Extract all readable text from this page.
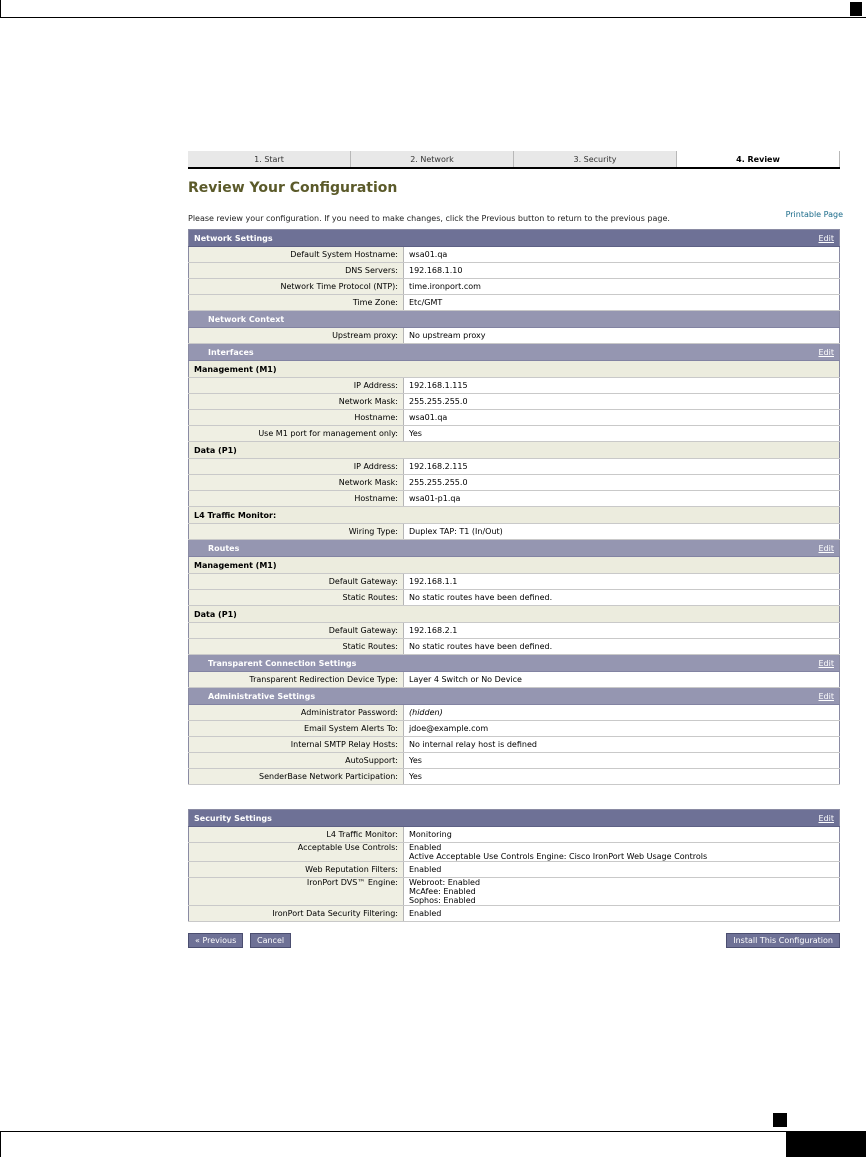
1. Start	2. Network	3. Security	4. Review
Review Your Configuration
Printable Page
Please review your configuration. If you need to make changes, click the Previous button to return to the previous page.
Network Settings		Edit
Default System Hostname:	wsa01.qa	
DNS Servers:	192.168.1.10	
Network Time Protocol (NTP):	time.ironport.com	
Time Zone:	Etc/GMT	
Network Context		
Upstream proxy:	No upstream proxy	
Interfaces		Edit
Management (M1)		
IP Address:	192.168.1.115	
Network Mask:	255.255.255.0	
Hostname:	wsa01.qa	
Use M1 port for management only:	Yes	
Data (P1)		
IP Address:	192.168.2.115	
Network Mask:	255.255.255.0	
Hostname:	wsa01-p1.qa	
L4 Traffic Monitor:		
Wiring Type:	Duplex TAP: T1 (In/Out)	
Routes		Edit
Management (M1)		
Default Gateway:	192.168.1.1	
Static Routes:	No static routes have been defined.	
Data (P1)		
Default Gateway:	192.168.2.1	
Static Routes:	No static routes have been defined.	
Transparent Connection Settings		Edit
Transparent Redirection Device Type:	Layer 4 Switch or No Device	
Administrative Settings		Edit
Administrator Password:	(hidden)	
Email System Alerts To:	jdoe@example.com	
Internal SMTP Relay Hosts:	No internal relay host is defined	
AutoSupport:	Yes	
SenderBase Network Participation:	Yes	
Security Settings		Edit
L4 Traffic Monitor:	Monitoring	
Acceptable Use Controls:	Enabled
Active Acceptable Use Controls Engine: Cisco IronPort Web Usage Controls	

Web Reputation Filters:	Enabled	
IronPort DVS™ Engine:	Webroot: Enabled
McAfee: Enabled
Sophos: Enabled	

IronPort Data Security Filtering:	Enabled	
« Previous	Cancel	Install This Configuration
